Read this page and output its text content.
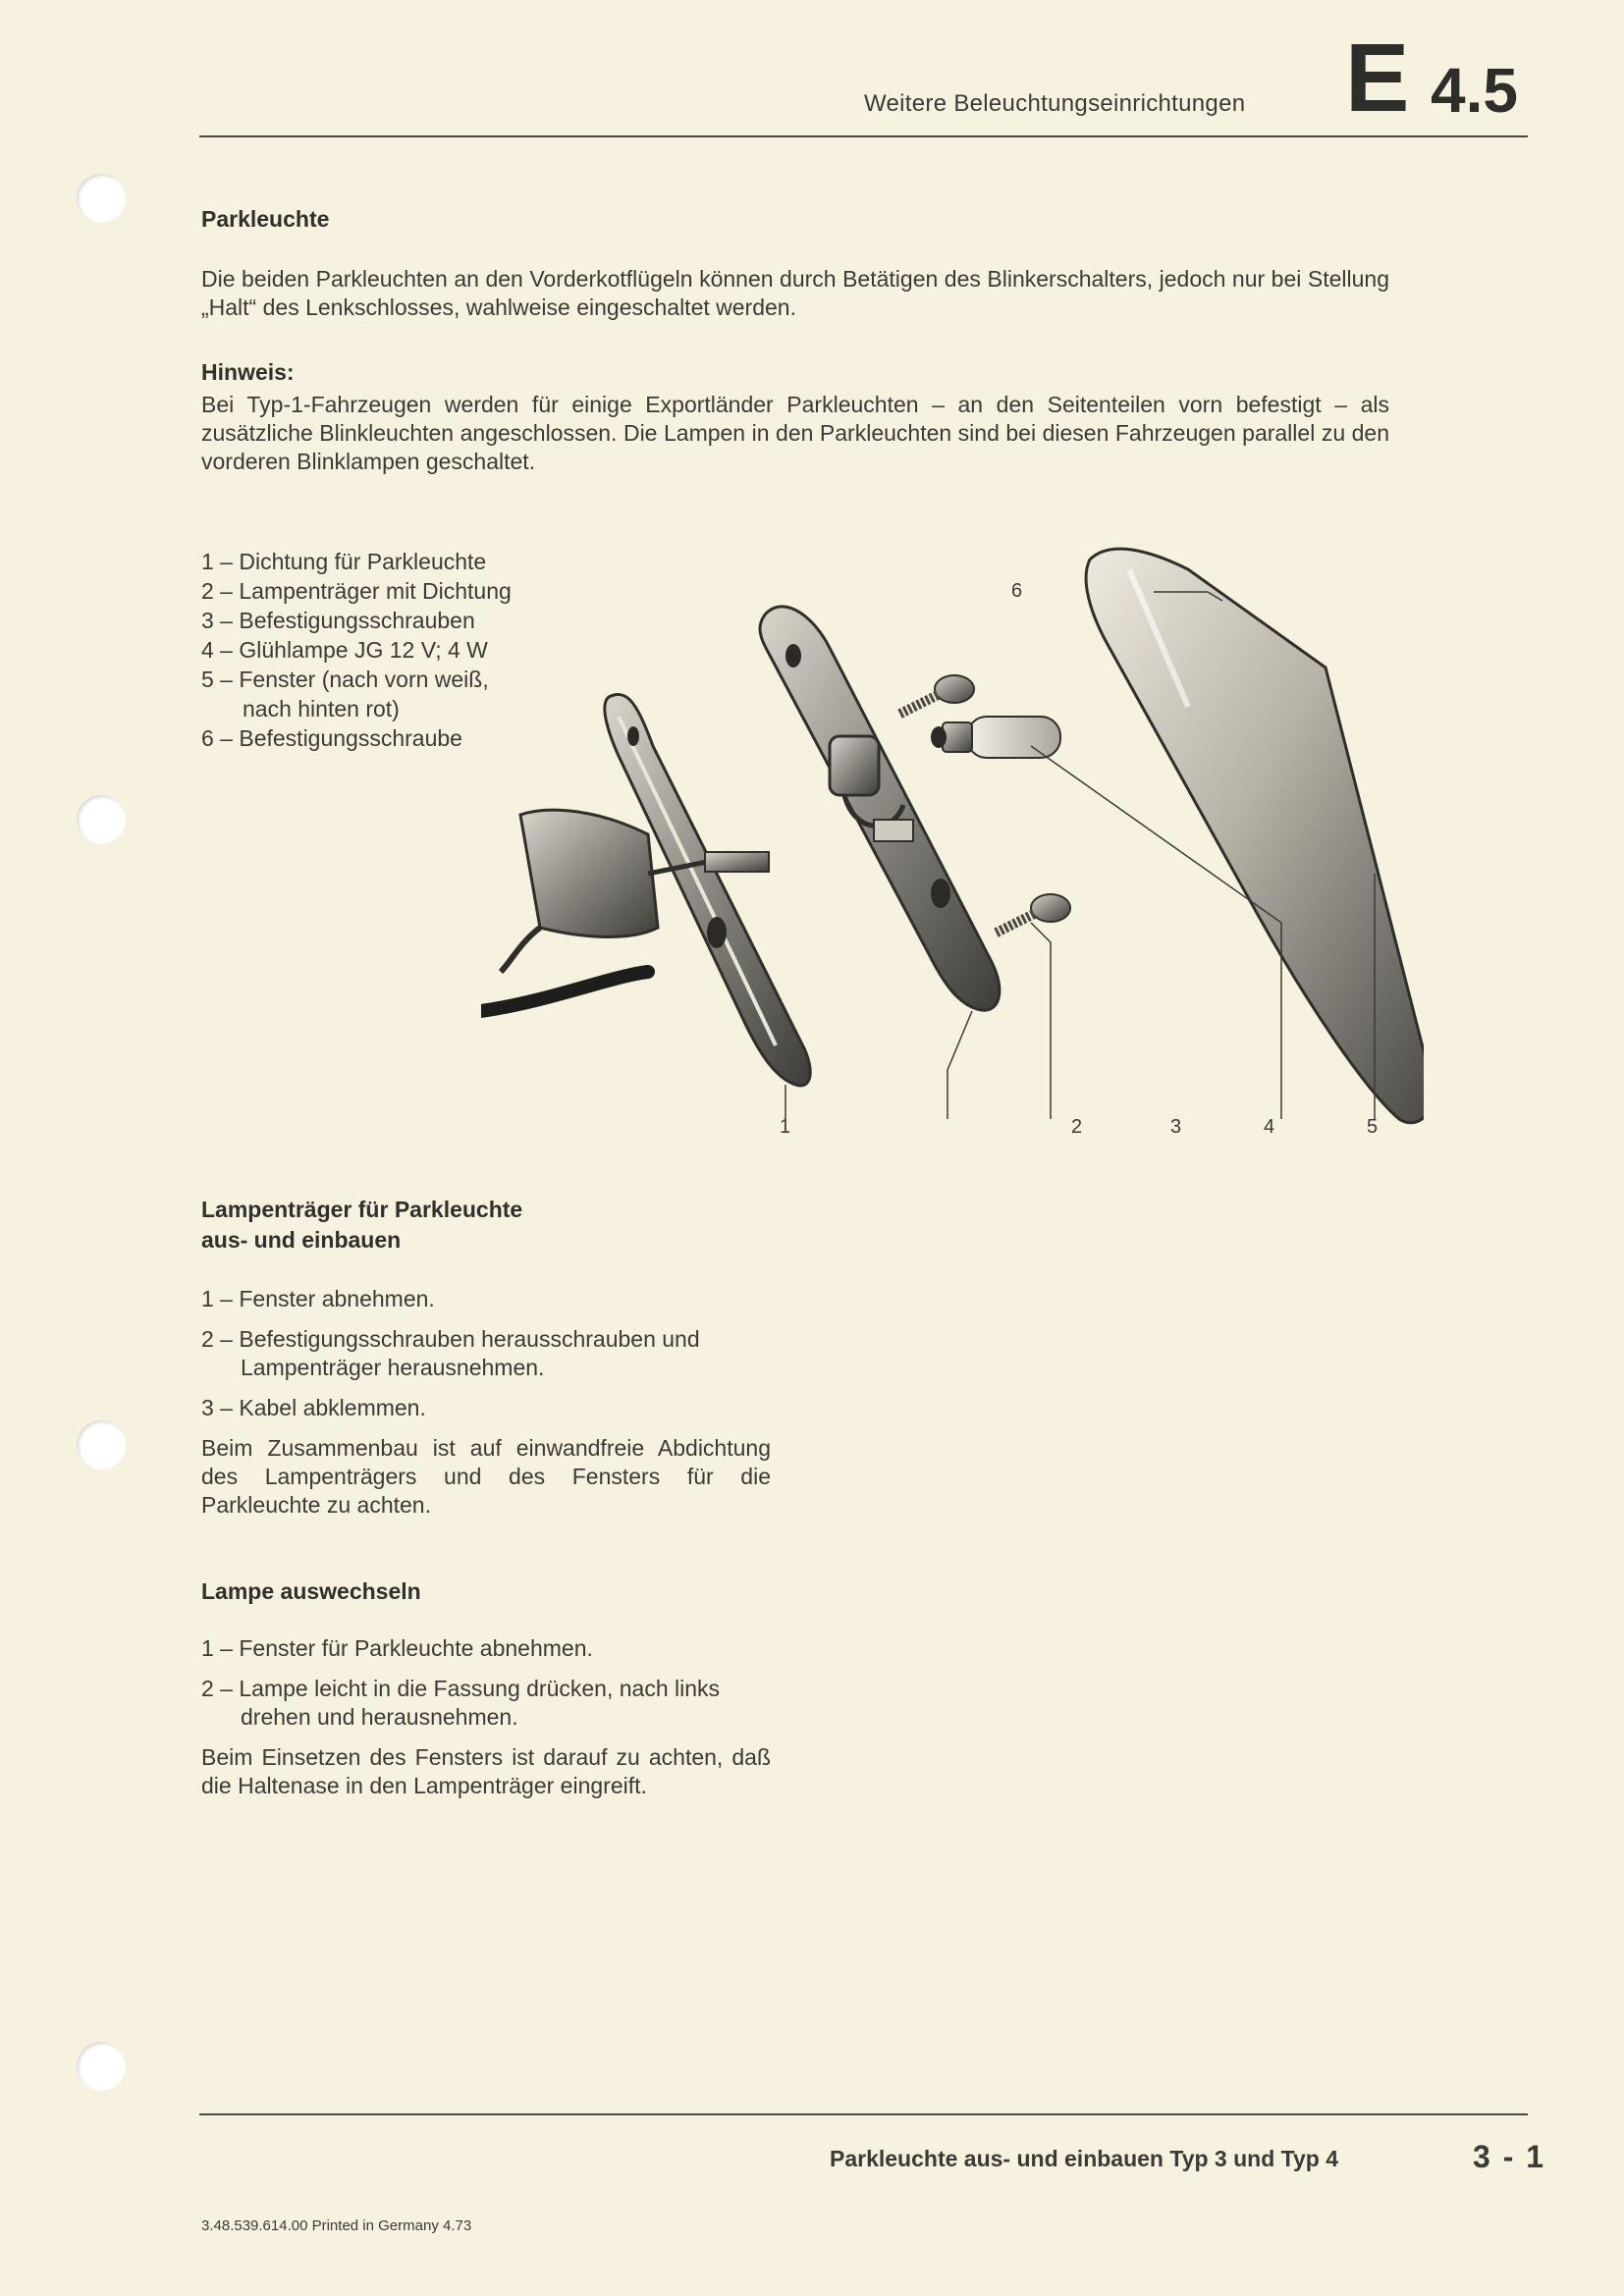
Weitere Beleuchtungseinrichtungen E 4.5
Parkleuchte

Die beiden Parkleuchten an den Vorderkotflügeln können durch Betätigen des Blinkerschalters, jedoch nur bei Stellung „Halt“ des Lenkschlosses, wahlweise eingeschaltet werden.

Hinweis:

Bei Typ-1-Fahrzeugen werden für einige Exportländer Parkleuchten – an den Seitenteilen vorn befestigt – als zusätzliche Blinkleuchten angeschlossen. Die Lampen in den Parkleuchten sind bei diesen Fahrzeugen parallel zu den vorderen Blinklampen geschaltet.

1 – Dichtung für Parkleuchte
2 – Lampenträger mit Dichtung
3 – Befestigungsschrauben
4 – Glühlampe JG 12 V; 4 W
5 – Fenster (nach vorn weiß,
nach hinten rot)
6 – Befestigungsschraube
1	2	3	4	5
6
Lampenträger für Parkleuchte
aus- und einbauen

1 – Fenster abnehmen.

2 – Befestigungsschrauben herausschrauben und Lampenträger herausnehmen.

3 – Kabel abklemmen.

Beim Zusammenbau ist auf einwandfreie Abdichtung des Lampenträgers und des Fensters für die Parkleuchte zu achten.

Lampe auswechseln

1 – Fenster für Parkleuchte abnehmen.

2 – Lampe leicht in die Fassung drücken, nach links drehen und herausnehmen.

Beim Einsetzen des Fensters ist darauf zu achten, daß die Haltenase in den Lampenträger eingreift.

Parkleuchte aus- und einbauen Typ 3 und Typ 4	3 - 1
3.48.539.614.00 Printed in Germany 4.73
